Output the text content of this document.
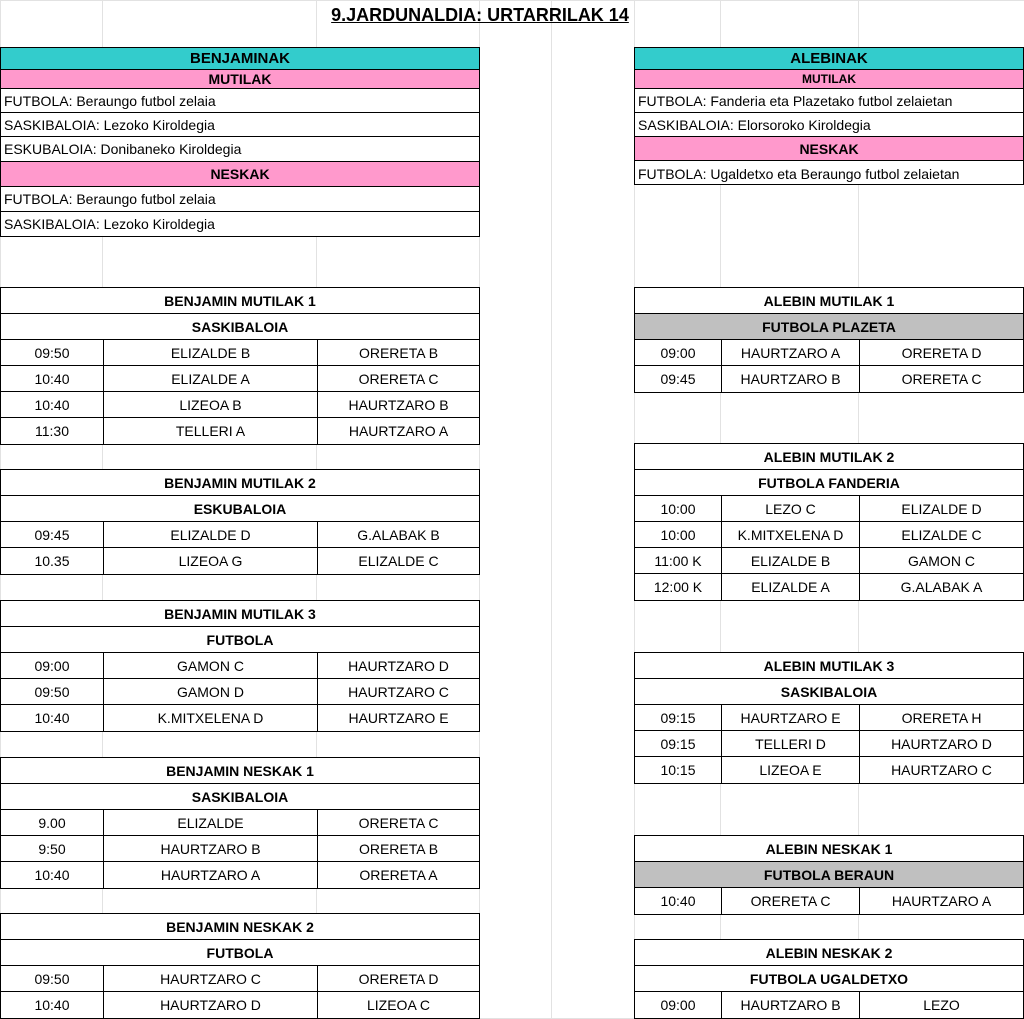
9.JARDUNALDIA: URTARRILAK 14
BENJAMINAK
MUTILAK
FUTBOLA: Beraungo futbol zelaia
SASKIBALOIA: Lezoko Kiroldegia
ESKUBALOIA: Donibaneko Kiroldegia
NESKAK
FUTBOLA: Beraungo futbol zelaia
SASKIBALOIA: Lezoko Kiroldegia
ALEBINAK
MUTILAK
FUTBOLA: Fanderia eta Plazetako futbol zelaietan
SASKIBALOIA: Elorsoroko Kiroldegia
NESKAK
FUTBOLA: Ugaldetxo eta Beraungo futbol zelaietan
BENJAMIN MUTILAK 1
SASKIBALOIA
09:50	ELIZALDE B	ORERETA B
10:40	ELIZALDE A	ORERETA C
10:40	LIZEOA B	HAURTZARO B
11:30	TELLERI A	HAURTZARO A
BENJAMIN MUTILAK 2
ESKUBALOIA
09:45	ELIZALDE D	G.ALABAK B
10.35	LIZEOA G	ELIZALDE C
BENJAMIN MUTILAK 3
FUTBOLA
09:00	GAMON C	HAURTZARO D
09:50	GAMON D	HAURTZARO C
10:40	K.MITXELENA D	HAURTZARO E
BENJAMIN NESKAK 1
SASKIBALOIA
9.00	ELIZALDE	ORERETA C
9:50	HAURTZARO B	ORERETA B
10:40	HAURTZARO A	ORERETA A
BENJAMIN NESKAK 2
FUTBOLA
09:50	HAURTZARO C	ORERETA D
10:40	HAURTZARO D	LIZEOA C
ALEBIN MUTILAK 1
FUTBOLA PLAZETA
09:00	HAURTZARO A	ORERETA D
09:45	HAURTZARO B	ORERETA C
ALEBIN MUTILAK 2
FUTBOLA FANDERIA
10:00	LEZO C	ELIZALDE D
10:00	K.MITXELENA D	ELIZALDE C
11:00 K	ELIZALDE B	GAMON C
12:00 K	ELIZALDE A	G.ALABAK A
ALEBIN MUTILAK 3
SASKIBALOIA
09:15	HAURTZARO E	ORERETA H
09:15	TELLERI D	HAURTZARO D
10:15	LIZEOA E	HAURTZARO C
ALEBIN NESKAK 1
FUTBOLA BERAUN
10:40	ORERETA C	HAURTZARO A
ALEBIN NESKAK 2
FUTBOLA UGALDETXO
09:00	HAURTZARO B	LEZO
